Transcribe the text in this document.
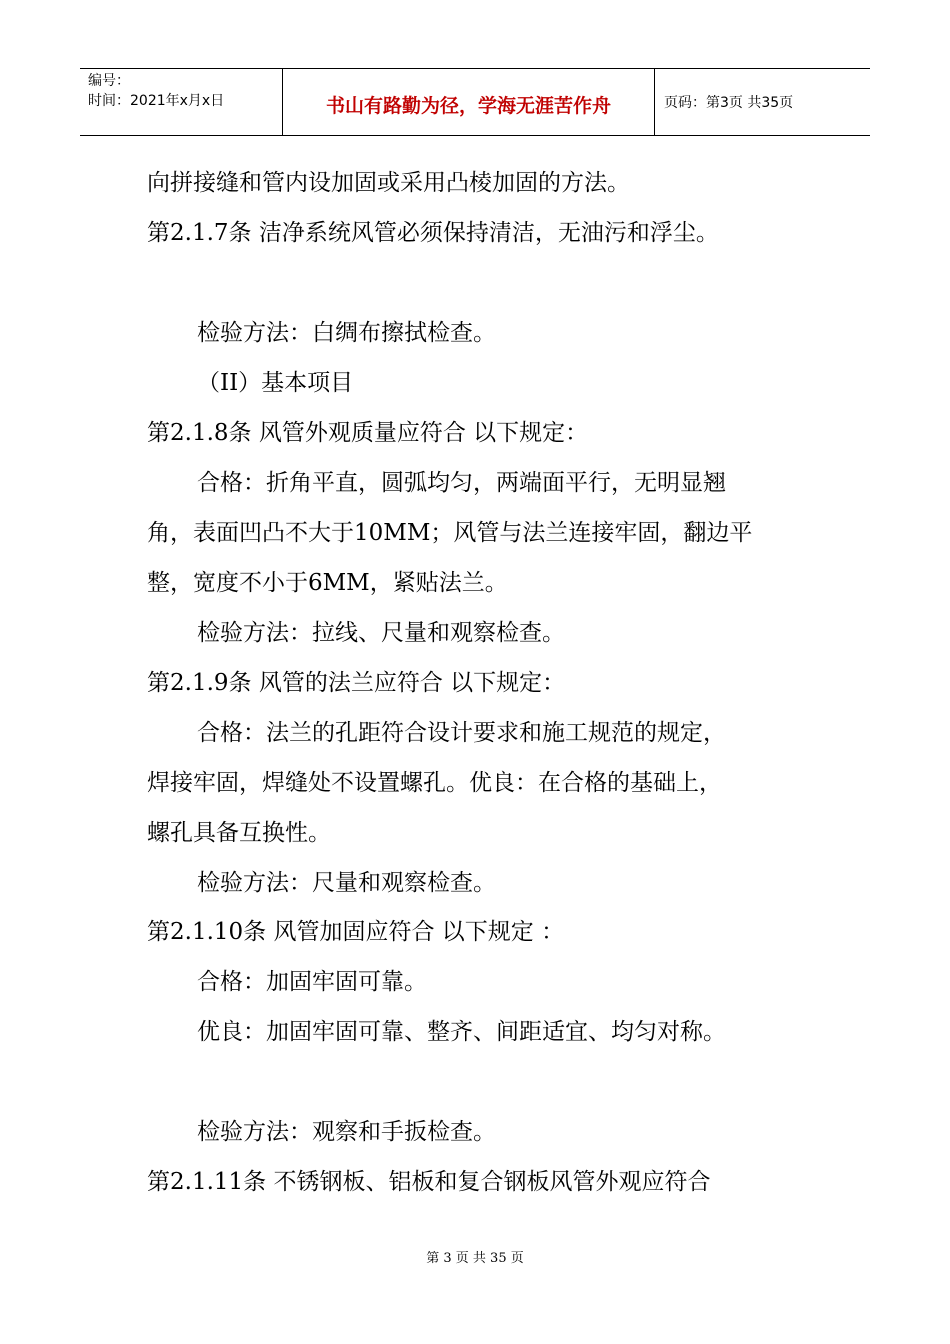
编号：
时间：2021年x月x日	书山有路勤为径，学海无涯苦作舟	页码：第3页 共35页
向拼接缝和管内设加固或采用凸棱加固的方法。
第2.1.7条 洁净系统风管必须保持清洁，无油污和浮尘。
检验方法：白绸布擦拭检查。
（II）基本项目
第2.1.8条 风管外观质量应符合 以下规定：
合格：折角平直，圆弧均匀，两端面平行，无明显翘
角，表面凹凸不大于10MM；风管与法兰连接牢固，翻边平
整，宽度不小于6MM，紧贴法兰。
检验方法：拉线、尺量和观察检查。
第2.1.9条 风管的法兰应符合 以下规定：
合格：法兰的孔距符合设计要求和施工规范的规定，
焊接牢固，焊缝处不设置螺孔。优良：在合格的基础上，
螺孔具备互换性。
检验方法：尺量和观察检查。
第2.1.10条 风管加固应符合 以下规定 ：
合格：加固牢固可靠。
优良：加固牢固可靠、整齐、间距适宜、均匀对称。
检验方法：观察和手扳检查。
第2.1.11条 不锈钢板、铝板和复合钢板风管外观应符合
第 3 页 共 35 页
